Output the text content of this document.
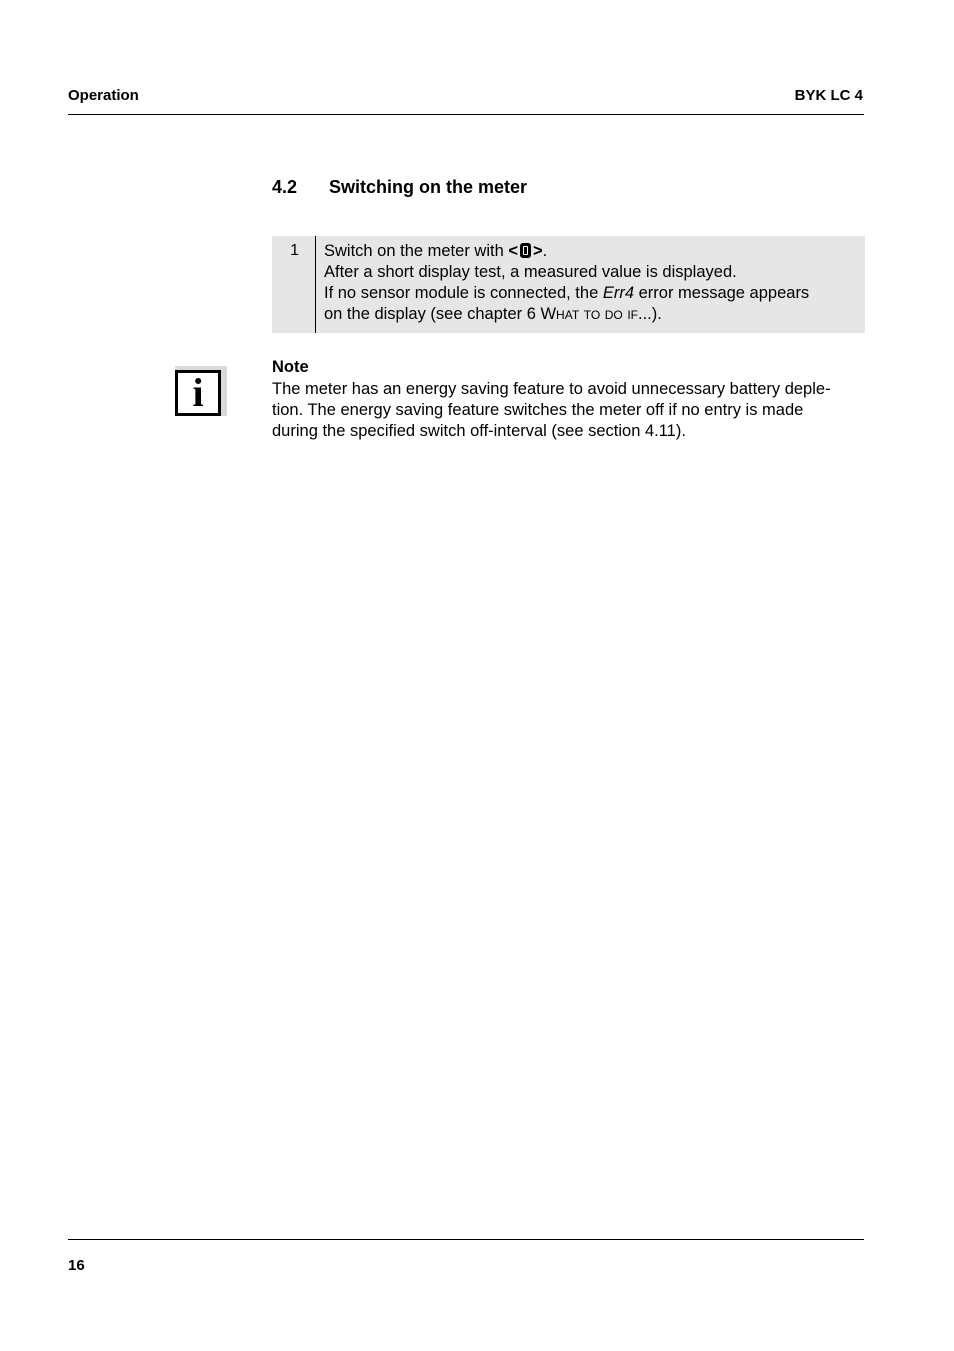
Operation	BYK LC 4
4.2 Switching on the meter
1	Switch on the meter with < >.
After a short display test, a measured value is displayed.
If no sensor module is connected, the Err4 error message appears
on the display (see chapter 6 What to do if...).
i
Note
The meter has an energy saving feature to avoid unnecessary battery deple-
tion. The energy saving feature switches the meter off if no entry is made
during the specified switch off-interval (see section 4.11).
16
